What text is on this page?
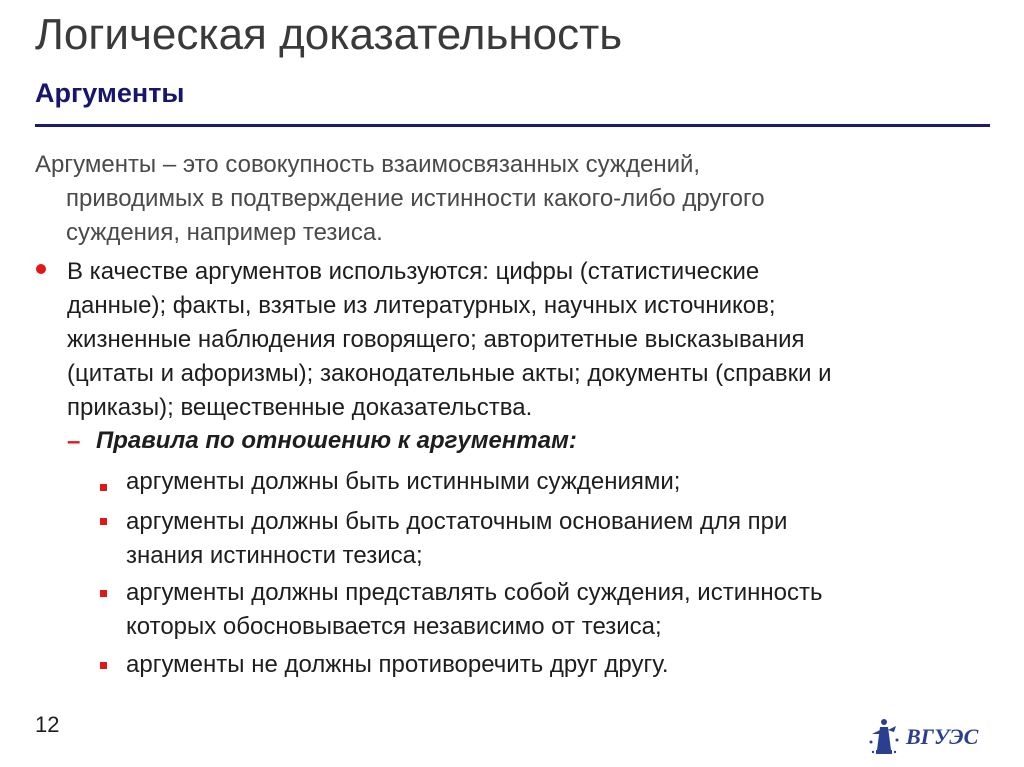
Логическая доказательность
Аргументы
Аргументы – это совокупность взаимосвязанных суждений,
приводимых в подтверждение истинности какого-либо другого
суждения, например тезиса.
В качестве аргументов используются: цифры (статистические
данные); факты, взятые из литературных, научных источников;
жизненные наблюдения говорящего; авторитетные высказывания
(цитаты и афоризмы); законодательные акты; документы (справки и
приказы); вещественные доказательства.
– Правила по отношению к аргументам:
аргументы должны быть истинными суждениями;
аргументы должны быть достаточным основанием для при
знания истинности тезиса;
аргументы должны представлять собой суждения, истинность
которых обосновывается независимо от тезиса;
аргументы не должны противоречить друг другу.
12	ВГУЭС
